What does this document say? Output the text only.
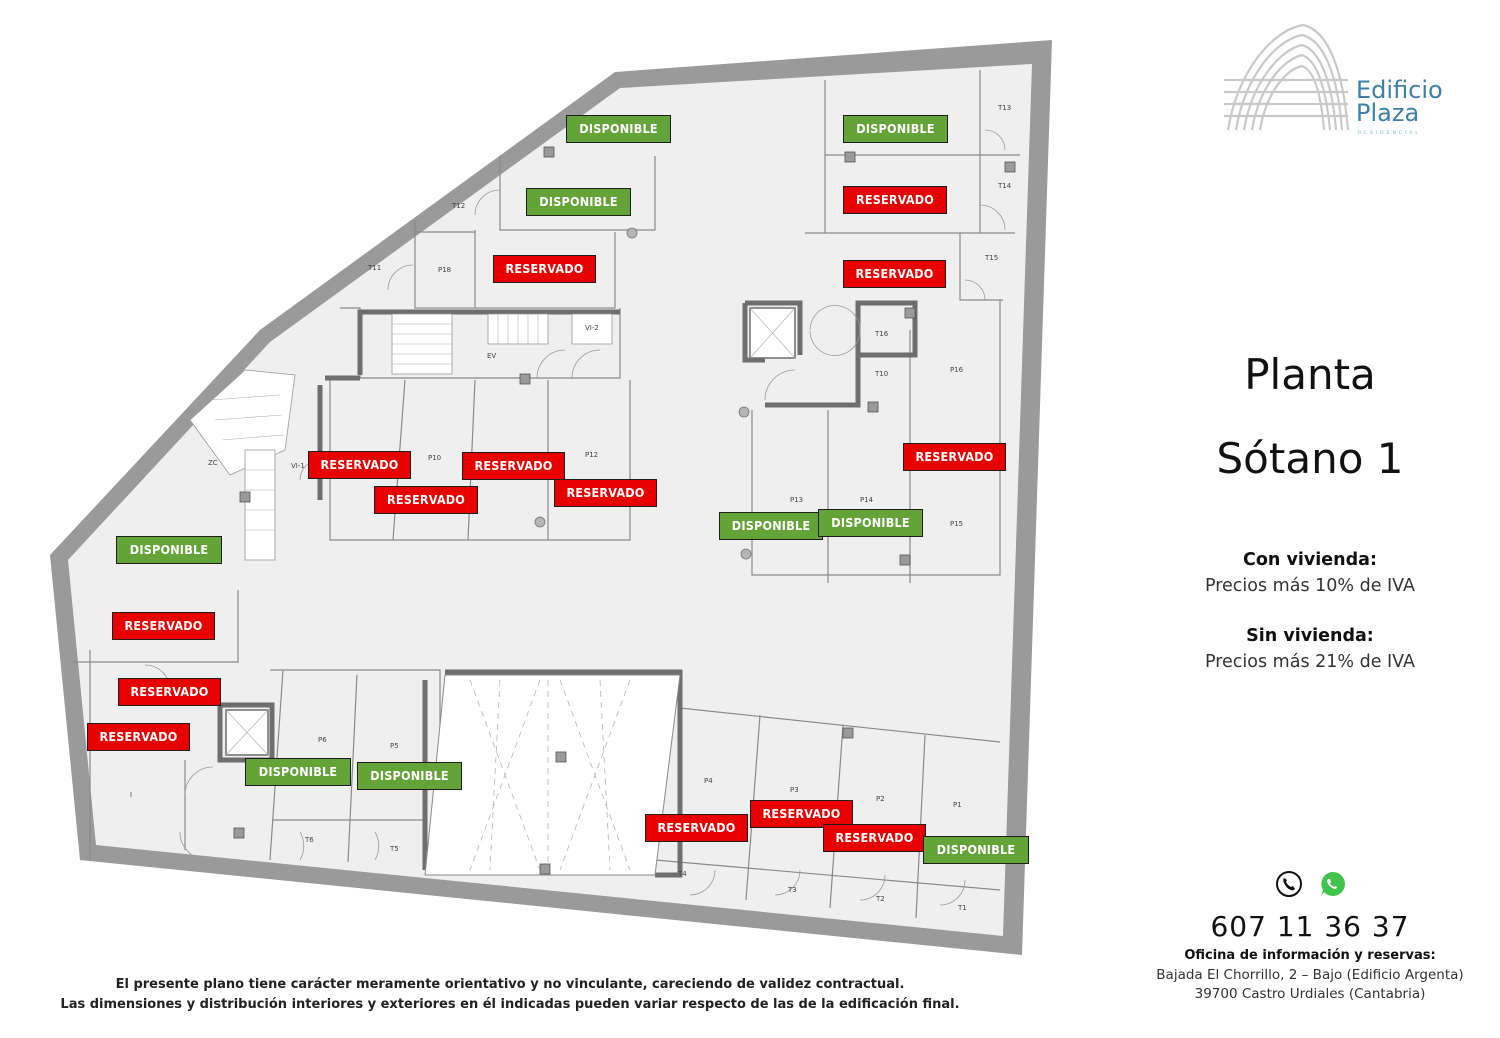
T13
T14
T15
T16
T10
T12
T11	P18
EV
VI-2
VI-1
ZC
P10	P12
P13	P14
P15
P16
P6
P5
P4
P3
P2
P1
T4
T3
T2
T1
T5
T6
I
DISPONIBLE	DISPONIBLE
DISPONIBLE	RESERVADO
RESERVADO	RESERVADO
RESERVADO	RESERVADO
RESERVADO	RESERVADO
RESERVADO
DISPONIBLE	DISPONIBLE
DISPONIBLE
RESERVADO
RESERVADO
RESERVADO
DISPONIBLE	DISPONIBLE
RESERVADO
RESERVADO
RESERVADO
DISPONIBLE
Edificio
Plaza
RESIDENCIAL
Planta
Sótano 1
Con vivienda:
Precios más 10% de IVA
Sin vivienda:
Precios más 21% de IVA
607 11 36 37
Oficina de información y reservas:
Bajada El Chorrillo, 2 – Bajo (Edificio Argenta)
39700 Castro Urdiales (Cantabria)
El presente plano tiene carácter meramente orientativo y no vinculante, careciendo de validez contractual.
Las dimensiones y distribución interiores y exteriores en él indicadas pueden variar respecto de las de la edificación final.
